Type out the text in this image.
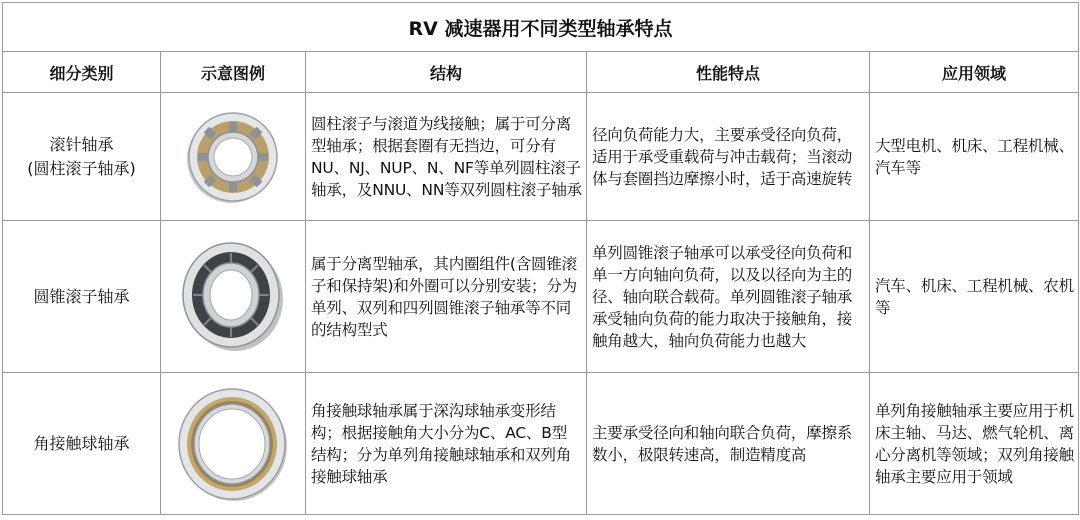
RV 减速器用不同类型轴承特点				
细分类别	示意图例	结构	性能特点	应用领域

滚针轴承
(圆柱滚子轴承)		圆柱滚子与滚道为线接触；属于可分离型轴承；根据套圈有无挡边，可分有NU、NJ、NUP、N、NF等单列圆柱滚子轴承，及NNU、NN等双列圆柱滚子轴承	径向负荷能力大，主要承受径向负荷，适用于承受重载荷与冲击载荷；当滚动体与套圈挡边摩擦小时，适于高速旋转	大型电机、机床、工程机械、汽车等

圆锥滚子轴承		属于分离型轴承，其内圈组件(含圆锥滚子和保持架)和外圈可以分别安装；分为单列、双列和四列圆锥滚子轴承等不同的结构型式	单列圆锥滚子轴承可以承受径向负荷和单一方向轴向负荷，以及以径向为主的径、轴向联合载荷。单列圆锥滚子轴承承受轴向负荷的能力取决于接触角，接触角越大，轴向负荷能力也越大	汽车、机床、工程机械、农机等

角接触球轴承		角接触球轴承属于深沟球轴承变形结构；根据接触角大小分为C、AC、B型结构；分为单列角接触球轴承和双列角接触球轴承	主要承受径向和轴向联合负荷，摩擦系数小，极限转速高，制造精度高	单列角接触轴承主要应用于机床主轴、马达、燃气轮机、离心分离机等领域；双列角接触轴承主要应用于领域
